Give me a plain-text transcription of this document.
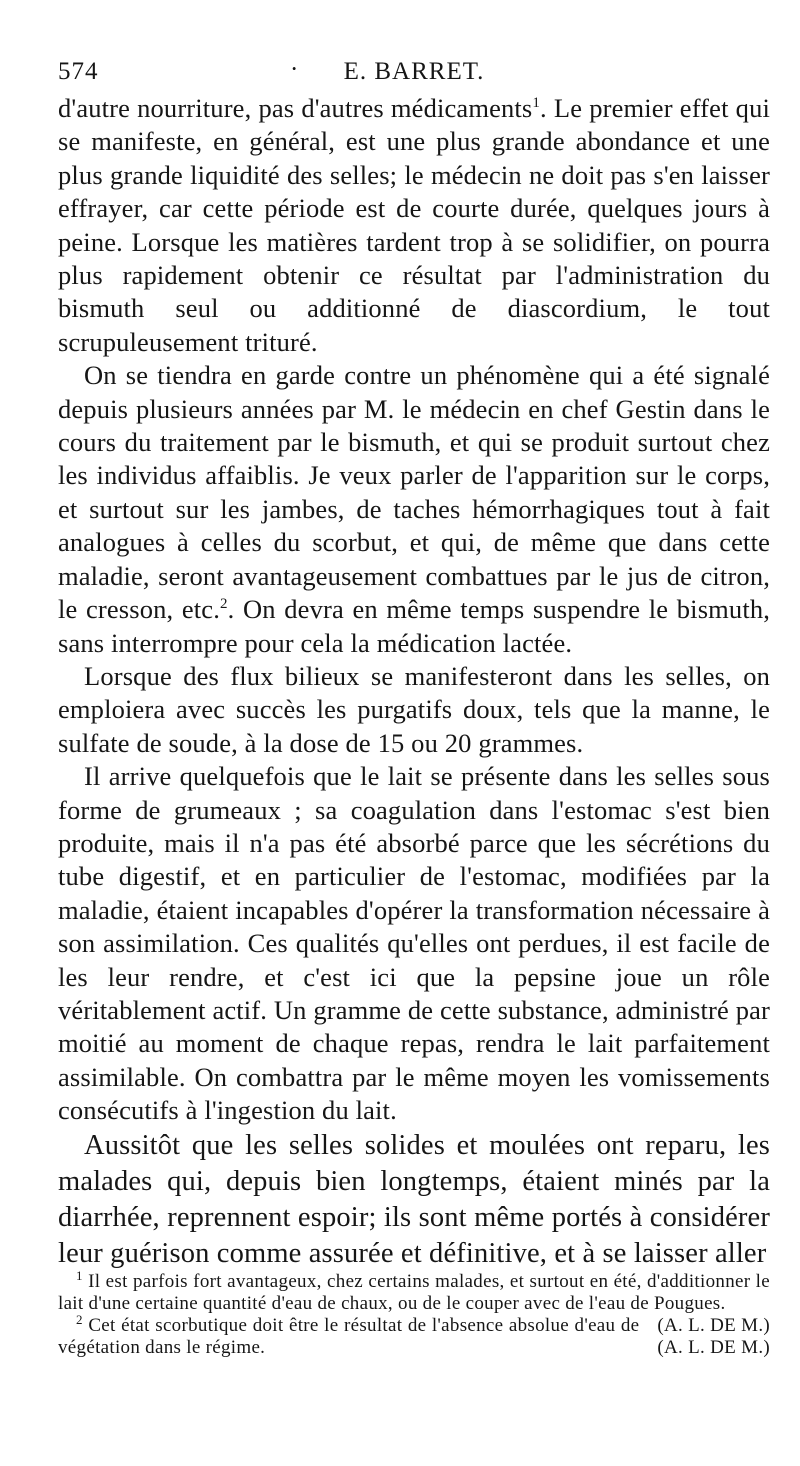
574	·	E. BARRET.

d'autre nourriture, pas d'autres médicaments$^1$. Le premier effet qui se manifeste, en général, est une plus grande abondance et une plus grande liquidité des selles; le médecin ne doit pas s'en laisser effrayer, car cette période est de courte durée, quelques jours à peine. Lorsque les matières tardent trop à se solidifier, on pourra plus rapidement obtenir ce résultat par l'administration du bismuth seul ou additionné de diascordium, le tout scrupuleusement trituré.

On se tiendra en garde contre un phénomène qui a été signalé depuis plusieurs années par M. le médecin en chef Gestin dans le cours du traitement par le bismuth, et qui se produit surtout chez les individus affaiblis. Je veux parler de l'apparition sur le corps, et surtout sur les jambes, de taches hémorrhagiques tout à fait analogues à celles du scorbut, et qui, de même que dans cette maladie, seront avantageusement combattues par le jus de citron, le cresson, etc.$^2$. On devra en même temps suspendre le bismuth, sans interrompre pour cela la médication lactée.

Lorsque des flux bilieux se manifesteront dans les selles, on emploiera avec succès les purgatifs doux, tels que la manne, le sulfate de soude, à la dose de 15 ou 20 grammes.

Il arrive quelquefois que le lait se présente dans les selles sous forme de grumeaux ; sa coagulation dans l'estomac s'est bien produite, mais il n'a pas été absorbé parce que les sécrétions du tube digestif, et en particulier de l'estomac, modifiées par la maladie, étaient incapables d'opérer la transformation nécessaire à son assimilation. Ces qualités qu'elles ont perdues, il est facile de les leur rendre, et c'est ici que la pepsine joue un rôle véritablement actif. Un gramme de cette substance, administré par moitié au moment de chaque repas, rendra le lait parfaitement assimilable. On combattra par le même moyen les vomissements consécutifs à l'ingestion du lait.

Aussitôt que les selles solides et moulées ont reparu, les malades qui, depuis bien longtemps, étaient minés par la diarrhée, reprennent espoir; ils sont même portés à considérer leur guérison comme assurée et définitive, et à se laisser aller

$^1$ Il est parfois fort avantageux, chez certains malades, et surtout en été, d'additionner le lait d'une certaine quantité d'eau de chaux, ou de le couper avec de l'eau de Pougues.
(A. L. DE M.)

$^2$ Cet état scorbutique doit être le résultat de l'absence absolue d'eau de végétation dans le régime.	(A. L. DE M.)
